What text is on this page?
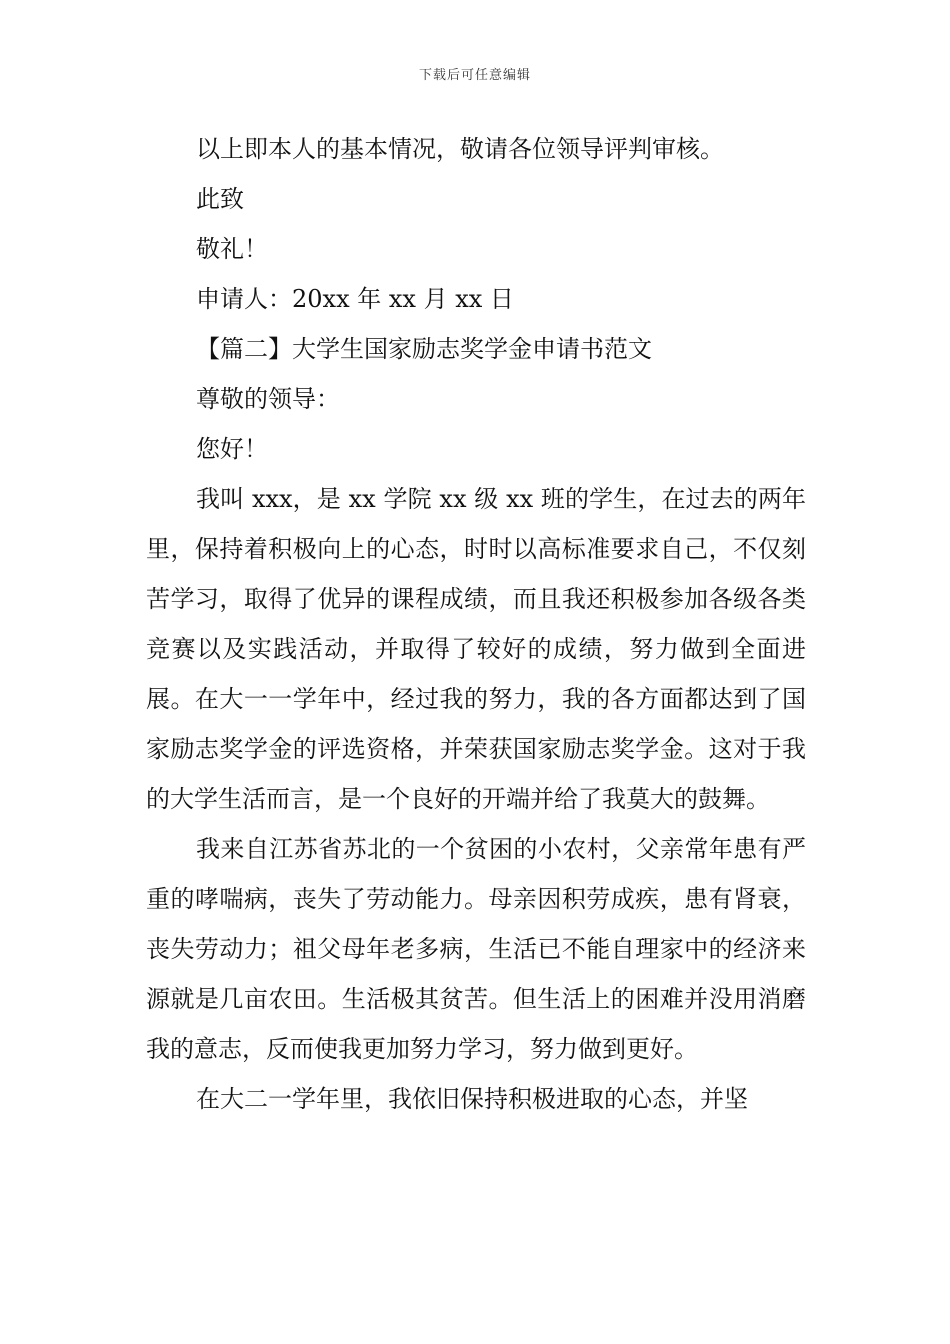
下载后可任意编辑

以上即本人的基本情况，敬请各位领导评判审核。

此致

敬礼！

申请人：20xx 年 xx 月 xx 日

【篇二】大学生国家励志奖学金申请书范文

尊敬的领导：

您好！

我叫 xxx，是 xx 学院 xx 级 xx 班的学生，在过去的两年里，保持着积极向上的心态，时时以高标准要求自己，不仅刻苦学习，取得了优异的课程成绩，而且我还积极参加各级各类竞赛以及实践活动，并取得了较好的成绩，努力做到全面进展。在大一一学年中，经过我的努力，我的各方面都达到了国家励志奖学金的评选资格，并荣获国家励志奖学金。这对于我的大学生活而言，是一个良好的开端并给了我莫大的鼓舞。

我来自江苏省苏北的一个贫困的小农村，父亲常年患有严重的哮喘病，丧失了劳动能力。母亲因积劳成疾，患有肾衰，丧失劳动力；祖父母年老多病，生活已不能自理家中的经济来源就是几亩农田。生活极其贫苦。但生活上的困难并没用消磨我的意志，反而使我更加努力学习，努力做到更好。

在大二一学年里，我依旧保持积极进取的心态，并坚
